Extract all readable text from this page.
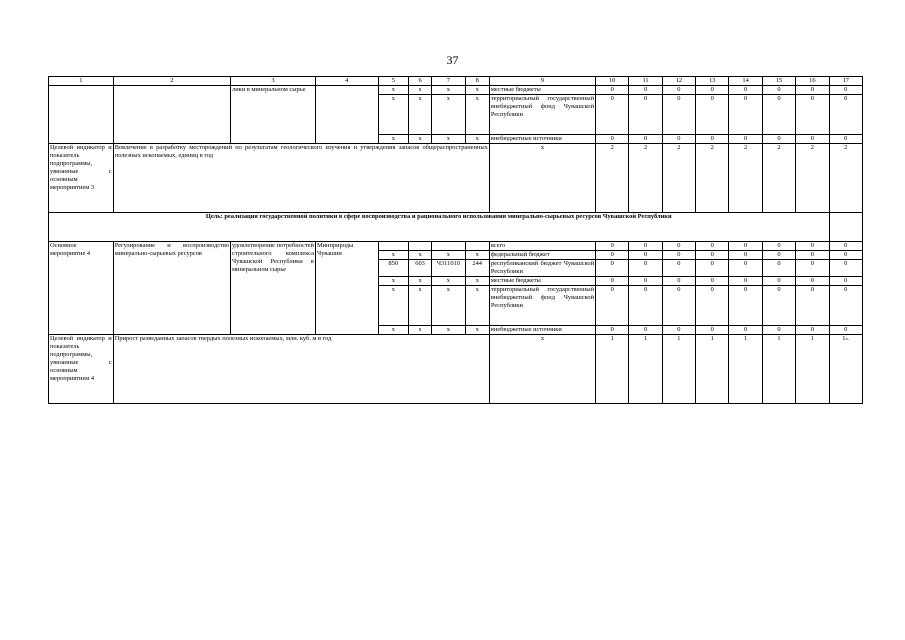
37
1	2	3	4	5	6	7	8	9	10	11	12	13	14	15	16	17
		лики в минеральном сырье		х	х	х	х	местные бюджеты	0	0	0	0	0	0	0	0
				х	х	х	х	территориальный государственный внебюджетный фонд Чувашской Республики	0	0	0	0	0	0	0	0
				х	х	х	х	внебюджетные источники	0	0	0	0	0	0	0	0
Целевой индикатор и показатель подпрограммы, увязанные с основным мероприятием 3	Вовлечение в разработку месторождений по результатам геологического изучения и утверждения запасов общераспространенных полезных ископаемых, единиц в год							х	2	2	2	2	2	2	2	2
Цель: реализация государственной политики в сфере воспроизводства и рационального использования минерально-сырьевых ресурсов Чувашской Республики																
Основное мероприятие 4	Регулирование и воспроизводство минерально-сырьевых ресурсов	удовлетворение потребностей строительного комплекса Чувашской Республики в минеральном сырье	Минприроды Чувашии					всего	0	0	0	0	0	0	0	0
				х	х	х	х	федеральный бюджет	0	0	0	0	0	0	0	0
				850	603	Ч311010	244	республиканский бюджет Чувашской Республики	0	0	0	0	0	0	0	0
				х	х	х	х	местные бюджеты	0	0	0	0	0	0	0	0
				х	х	х	х	территориальный государственный внебюджетный фонд Чувашской Республики	0	0	0	0	0	0	0	0
				х	х	х	х	внебюджетные источники	0	0	0	0	0	0	0	0
Целевой индикатор и показатель подпрограммы, увязанные с основным мероприятием 4	Прирост разведанных запасов твердых полезных ископаемых, млн. куб. м в год							х	1	1	1	1	1	1	1	1».
